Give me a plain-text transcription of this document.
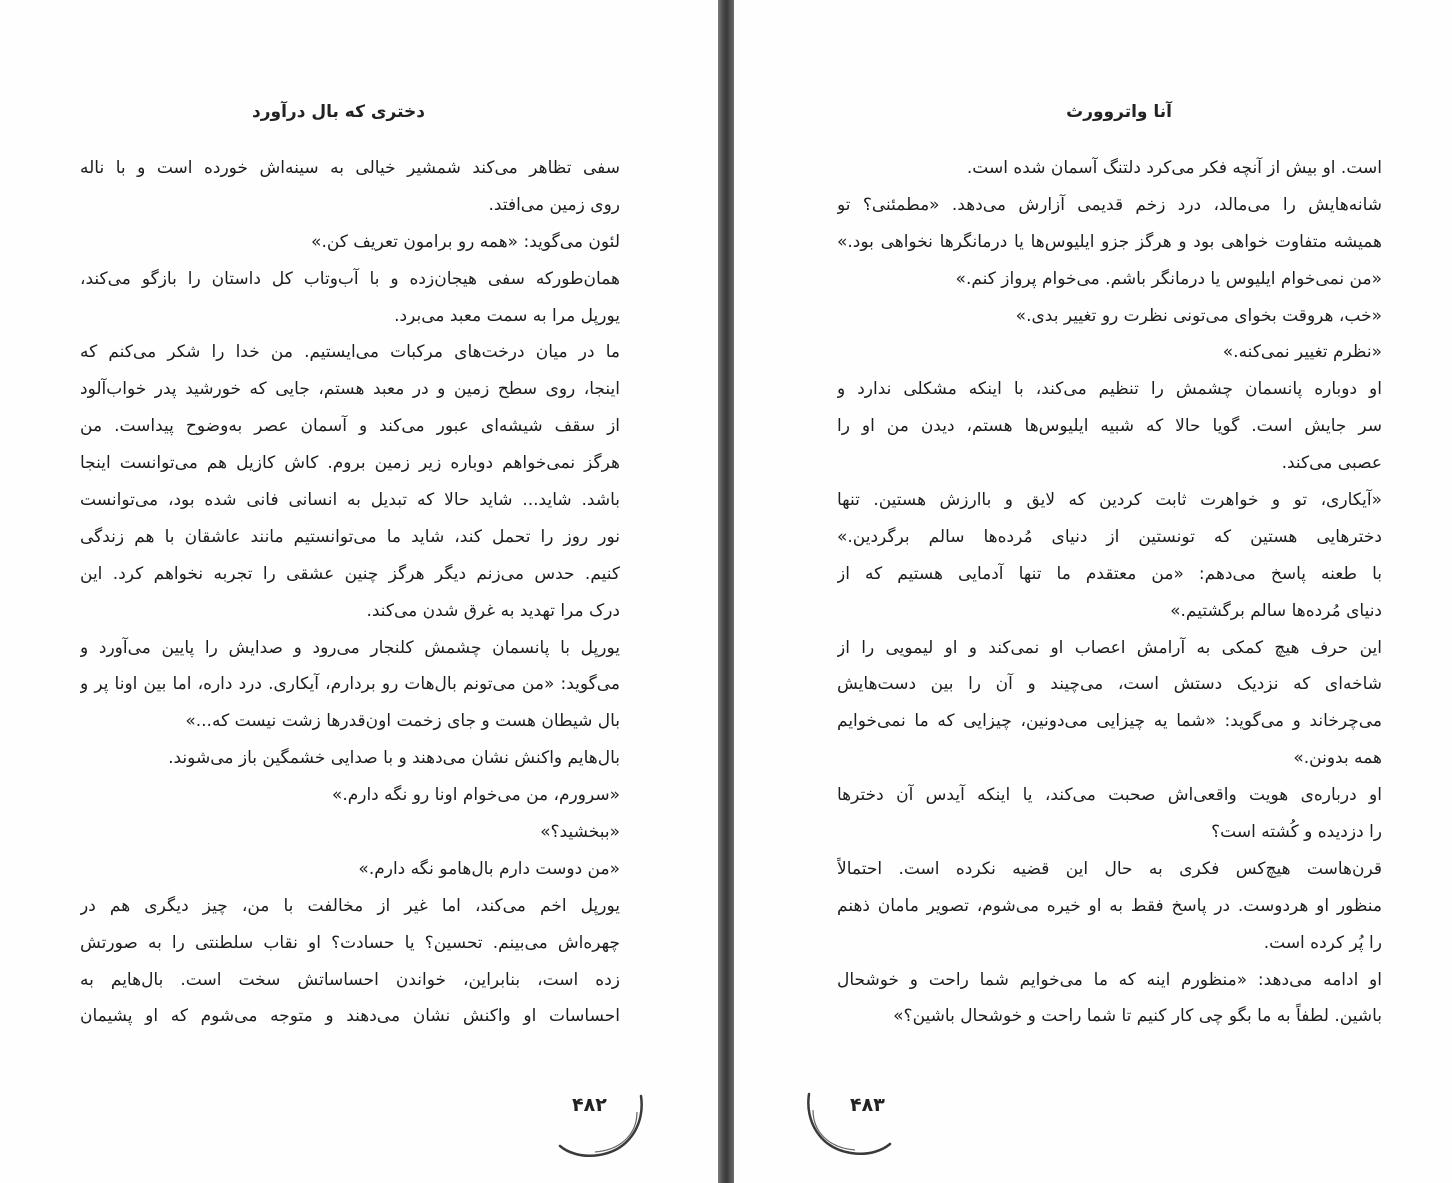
دختری که بال درآورد
سفی تظاهر می‌کند شمشیر خیالی به سینه‌اش خورده است و با ناله
روی زمین می‌افتد.
لئون می‌گوید: «همه رو برامون تعریف کن.»
همان‌طورکه سفی هیجان‌زده و با آب‌وتاب کل داستان را بازگو می‌کند،
یورپل مرا به سمت معبد می‌برد.
ما در میان درخت‌های مرکبات می‌ایستیم. من خدا را شکر می‌کنم که
اینجا، روی سطح زمین و در معبد هستم، جایی که خورشید پدر خواب‌آلود
از سقف شیشه‌ای عبور می‌کند و آسمان عصر به‌وضوح پیداست. من
هرگز نمی‌خواهم دوباره زیر زمین بروم. کاش کازیل هم می‌توانست اینجا
باشد. شاید... شاید حالا که تبدیل به انسانی فانی شده بود، می‌توانست
نور روز را تحمل کند، شاید ما می‌توانستیم مانند عاشقان با هم زندگی
کنیم. حدس می‌زنم دیگر هرگز چنین عشقی را تجربه نخواهم کرد. این
درک مرا تهدید به غرق شدن می‌کند.
یورپل با پانسمان چشمش کلنجار می‌رود و صدایش را پایین می‌آورد و
می‌گوید: «من می‌تونم بال‌هات رو بردارم، آیکاری. درد داره، اما بین اونا پر و
بال شیطان هست و جای زخمت اون‌قدرها زشت نیست که...»
بال‌هایم واکنش نشان می‌دهند و با صدایی خشمگین باز می‌شوند.
«سرورم، من می‌خوام اونا رو نگه دارم.»
«ببخشید؟»
«من دوست دارم بال‌هامو نگه دارم.»
یورپل اخم می‌کند، اما غیر از مخالفت با من، چیز دیگری هم در
چهره‌اش می‌بینم. تحسین؟ یا حسادت؟ او نقاب سلطنتی را به صورتش
زده است، بنابراین، خواندن احساساتش سخت است. بال‌هایم به
احساسات او واکنش نشان می‌دهند و متوجه می‌شوم که او پشیمان
۴۸۲
آنا واتروورث
است. او بیش از آنچه فکر می‌کرد دلتنگ آسمان شده است.
شانه‌هایش را می‌مالد، درد زخم قدیمی آزارش می‌دهد. «مطمئنی؟ تو
همیشه متفاوت خواهی بود و هرگز جزو ایلیوس‌ها یا درمانگرها نخواهی بود.»
«من نمی‌خوام ایلیوس یا درمانگر باشم. می‌خوام پرواز کنم.»
«خب، هروقت بخوای می‌تونی نظرت رو تغییر بدی.»
«نظرم تغییر نمی‌کنه.»
او دوباره پانسمان چشمش را تنظیم می‌کند، با اینکه مشکلی ندارد و
سر جایش است. گویا حالا که شبیه ایلیوس‌ها هستم، دیدن من او را
عصبی می‌کند.
«آیکاری، تو و خواهرت ثابت کردین که لایق و باارزش هستین. تنها
دخترهایی هستین که تونستین از دنیای مُرده‌ها سالم برگردین.»
با طعنه پاسخ می‌دهم: «من معتقدم ما تنها آدمایی هستیم که از
دنیای مُرده‌ها سالم برگشتیم.»
این حرف هیچ کمکی به آرامش اعصاب او نمی‌کند و او لیمویی را از
شاخه‌ای که نزدیک دستش است، می‌چیند و آن را بین دست‌هایش
می‌چرخاند و می‌گوید: «شما یه چیزایی می‌دونین، چیزایی که ما نمی‌خوایم
همه بدونن.»
او درباره‌ی هویت واقعی‌اش صحبت می‌کند، یا اینکه آیدس آن دخترها
را دزدیده و کُشته است؟
قرن‌هاست هیچ‌کس فکری به حال این قضیه نکرده است. احتمالاً
منظور او هردوست. در پاسخ فقط به او خیره می‌شوم، تصویر مامان ذهنم
را پُر کرده است.
او ادامه می‌دهد: «منظورم اینه که ما می‌خوایم شما راحت و خوشحال
باشین. لطفاً به ما بگو چی کار کنیم تا شما راحت و خوشحال باشین؟»
۴۸۳
